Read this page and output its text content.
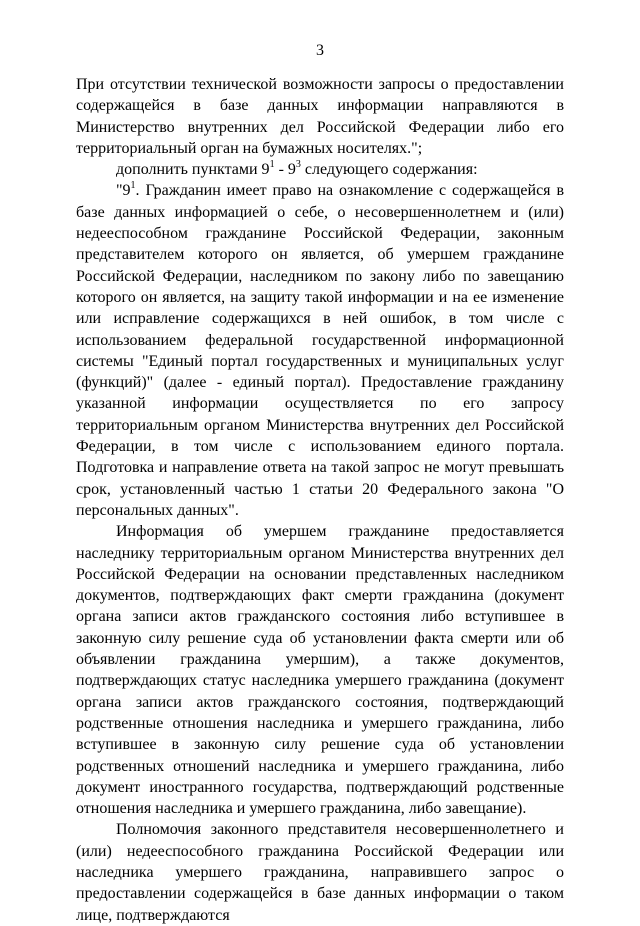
3

При отсутствии технической возможности запросы о предоставлении содержащейся в базе данных информации направляются в Министерство внутренних дел Российской Федерации либо его территориальный орган на бумажных носителях.";

дополнить пунктами $9^1 - 9^3$ следующего содержания:

"$9^1$. Гражданин имеет право на ознакомление с содержащейся в базе данных информацией о себе, о несовершеннолетнем и (или) недееспособном гражданине Российской Федерации, законным представителем которого он является, об умершем гражданине Российской Федерации, наследником по закону либо по завещанию которого он является, на защиту такой информации и на ее изменение или исправление содержащихся в ней ошибок, в том числе с использованием федеральной государственной информационной системы "Единый портал государственных и муниципальных услуг (функций)" (далее - единый портал). Предоставление гражданину указанной информации осуществляется по его запросу территориальным органом Министерства внутренних дел Российской Федерации, в том числе с использованием единого портала. Подготовка и направление ответа на такой запрос не могут превышать срок, установленный частью 1 статьи 20 Федерального закона "О персональных данных".

Информация об умершем гражданине предоставляется наследнику территориальным органом Министерства внутренних дел Российской Федерации на основании представленных наследником документов, подтверждающих факт смерти гражданина (документ органа записи актов гражданского состояния либо вступившее в законную силу решение суда об установлении факта смерти или об объявлении гражданина умершим), а также документов, подтверждающих статус наследника умершего гражданина (документ органа записи актов гражданского состояния, подтверждающий родственные отношения наследника и умершего гражданина, либо вступившее в законную силу решение суда об установлении родственных отношений наследника и умершего гражданина, либо документ иностранного государства, подтверждающий родственные отношения наследника и умершего гражданина, либо завещание).

Полномочия законного представителя несовершеннолетнего и (или) недееспособного гражданина Российской Федерации или наследника умершего гражданина, направившего запрос о предоставлении содержащейся в базе данных информации о таком лице, подтверждаются
